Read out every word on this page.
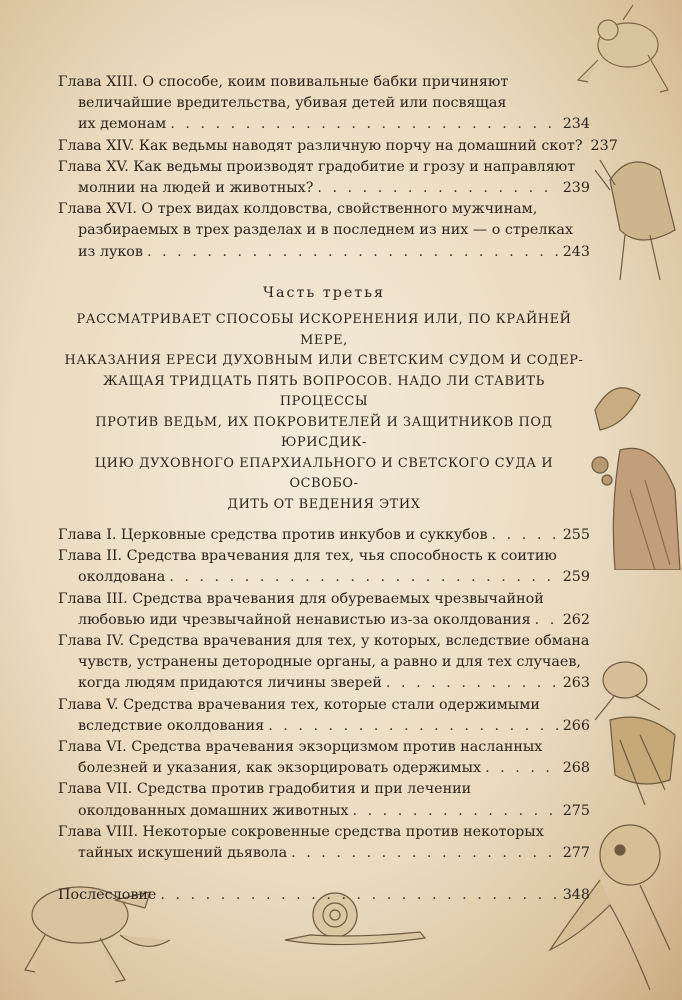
Глава XIII. О способе, коим повивальные бабки причиняют
величайшие вредительства, убивая детей или посвящая
их демонам . . .	234
Глава XIV. Как ведьмы наводят различную порчу на домашний скот? 237
Глава XV. Как ведьмы производят градобитие и грозу и направляют
молнии на людей и животных? . . .	239
Глава XVI. О трех видах колдовства, свойственного мужчинам,
разбираемых в трех разделах и в последнем из них — о стрелках
из луков . . .	243
Часть третья
РАССМАТРИВАЕТ СПОСОБЫ ИСКОРЕНЕНИЯ ИЛИ, ПО КРАЙНЕЙ МЕРЕ,
НАКАЗАНИЯ ЕРЕСИ ДУХОВНЫМ ИЛИ СВЕТСКИМ СУДОМ И СОДЕР-
ЖАЩАЯ ТРИДЦАТЬ ПЯТЬ ВОПРОСОВ. НАДО ЛИ СТАВИТЬ ПРОЦЕССЫ
ПРОТИВ ВЕДЬМ, ИХ ПОКРОВИТЕЛЕЙ И ЗАЩИТНИКОВ ПОД ЮРИСДИК-
ЦИЮ ДУХОВНОГО ЕПАРХИАЛЬНОГО И СВЕТСКОГО СУДА И ОСВОБО-
ДИТЬ ОТ ВЕДЕНИЯ ЭТИХ
Глава I. Церковные средства против инкубов и суккубов . . .	255
Глава II. Средства врачевания для тех, чья способность к соитию
околдована . . .	259
Глава III. Средства врачевания для обуреваемых чрезвычайной
любовью иди чрезвычайной ненавистью из-за околдования . . . 262
Глава IV. Средства врачевания для тех, у которых, вследствие обмана
чувств, устранены детородные органы, а равно и для тех случаев,
когда людям придаются личины зверей . . .	263
Глава V. Средства врачевания тех, которые стали одержимыми
вследствие околдования . . .	266
Глава VI. Средства врачевания экзорцизмом против насланных
болезней и указания, как экзорцировать одержимых . . .	268
Глава VII. Средства против градобития и при лечении
околдованных домашних животных . . .	275
Глава VIII. Некоторые сокровенные средства против некоторых
тайных искушений дьявола . . .	277
Послесловие . . .	348
